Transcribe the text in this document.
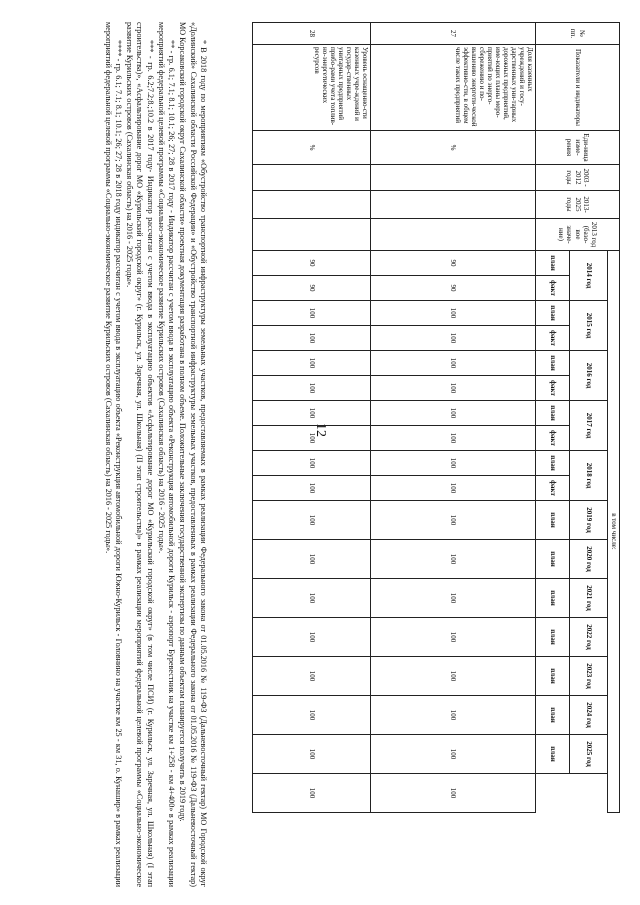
12
№ пп.	Показатели и индикаторы	Еди-ница изме-рения	2003 - 2012 годы	2013-2025 годы	2013 год (базо-вое значе-ние)	в том числе:																	
						2014 год		2015 год		2016 год		2017 год		2018 год		2019 год	2020 год	2021 год	2022 год	2023 год	2024 год	2025 год	

						план	факт	план	факт	план	факт	план	факт	план	факт	план	план	план	план	план	план	план	
27	Доля казенных учреждений и госу-дарственных уни-тарных дорожных предприятий, име-ющих планы меро-приятий по энерго-сбережению и по-вышению энергети-ческой эффективно-сти, в общем числе таких предприятий	%				90	90	100	100	100	100	100	100	100	100	100	100	100	100	100	100	100	100
28	Уровень оснащенно-сти казенных учре-ждений и государ-ственных унитарных предприятий прибо-рами учета топлив-но-энергетических ресурсов	%				90	90	100	100	100	100	100	100	100	100	100	100	100	100	100	100	100	100

* В 2018 году по мероприятиям «Обустройство транспортной инфраструктуры земельных участков, предоставляемых в рамках реализации Федерального закона от 01.05.2016 № 119-ФЗ (Дальневосточный гектар) МО Городской округ «Долинский» Сахалинской области Российской Федерации» и «Обустройство транспортной инфраструктуры земельных участков, предоставленных в рамках реализации Федерального закона от 01.05.2016 № 119-ФЗ (Дальневосточный гектар) МО Корсаковский городской округ Сахалинской области» проектная документация разработана в полном объеме. Положительные заключения государственной экспертизы по данным объектам планируется получить в 2019 году.

** - гр. 6.1; 7.1; 8.1; 10.1; 26; 27; 28 в 2017 году - Индикатор рассчитан с учетом ввода в эксплуатацию объекта «Реконструкция автомобильной дороги Курильск - аэропорт Буревестник на участке км 1+258 - км 4+400» в рамках реализации мероприятий федеральной целевой программы «Социально-экономическое развитие Курильских островов (Сахалинская область) на 2016 - 2025 годы».

*** - гр. 6.2;7.2;8.;10.2 в 2017 году- Индикатор рассчитан с учетом ввода в эксплуатацию объектов «Асфальтирование дорог МО «Курильский городской округ» (в том числе ПСИ) (г. Курильск, ул. Заречная, ул. Школьная) (I этап строительства)», «Асфальтирование дорог МО «Курильский городской округ» (г. Курильск, ул. Заречная, ул. Школьная) (II этап строительства)» в рамках реализации мероприятий федеральной целевой программы «Социально-экономическое развитие Курильских островов (Сахалинская область) на 2016 - 2025 годы».

**** - гр. 6.1; 7.1; 8.1; 10.1; 26; 27; 28 в 2018 году индикатор рассчитан с учетом ввода в эксплуатацию объекта «Реконструкция автомобильной дороги Южно-Курильск - Головнино на участке км 25 - км 31, о. Кунашир» в рамках реализации мероприятий федеральной целевой программы «Социально-экономическое развитие Курильских островов (Сахалинская область) на 2016 - 2025 годы».
